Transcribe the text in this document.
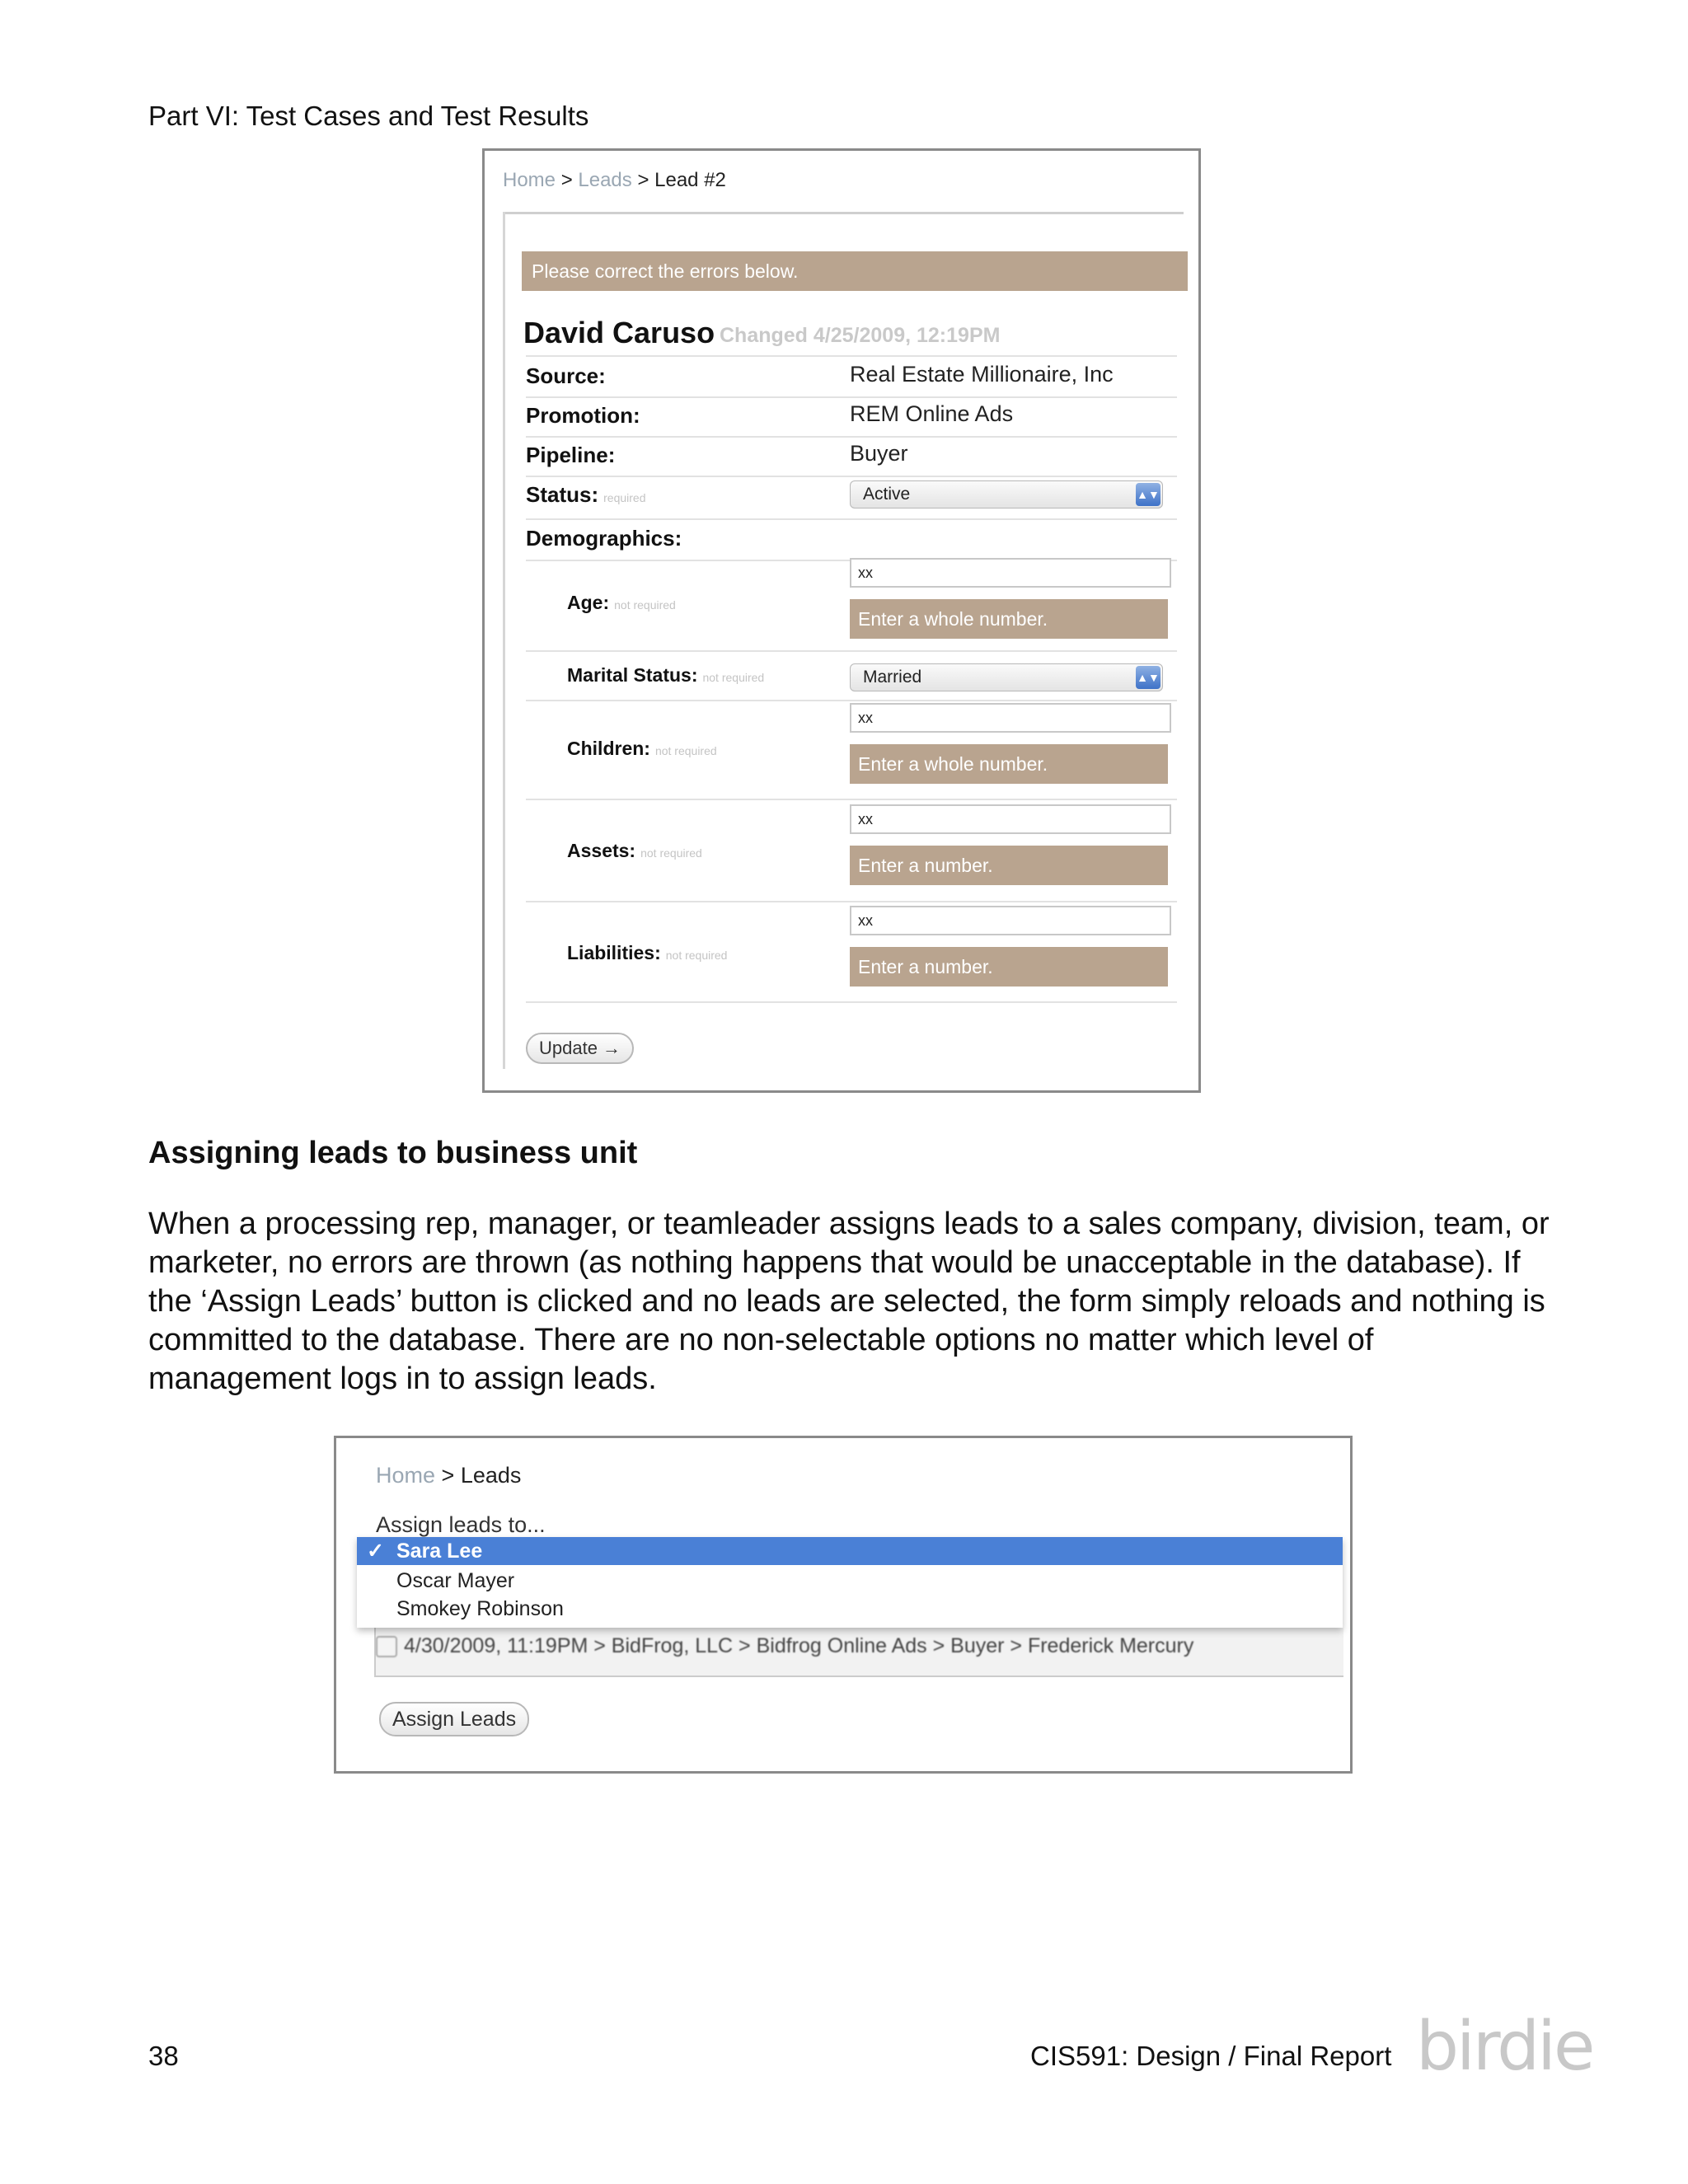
Part VI: Test Cases and Test Results
Home > Leads > Lead #2
Please correct the errors below.
David Caruso Changed 4/25/2009, 12:19PM
Source:	Real Estate Millionaire, Inc
Promotion:	REM Online Ads
Pipeline:	Buyer
Status: required	Active	▲▼
Demographics:
Age: not required
xx
Enter a whole number.
Marital Status: not required	Married	▲▼
Children: not required
xx
Enter a whole number.
Assets: not required
xx
Enter a number.
Liabilities: not required
xx
Enter a number.
Update →
Assigning leads to business unit

When a processing rep, manager, or teamleader assigns leads to a sales company, division, team, or marketer, no errors are thrown (as nothing happens that would be unacceptable in the database). If the ‘Assign Leads’ button is clicked and no leads are selected, the form simply reloads and nothing is committed to the database. There are no non-selectable options no matter which level of management logs in to assign leads.

Home > Leads
Assign leads to...
4/30/2009, 11:19PM > BidFrog, LLC > Bidfrog Online Ads > Buyer > Frederick Mercury
✓ Sara Lee
Oscar Mayer
Smokey Robinson
Assign Leads
38	CIS591: Design / Final Report birdie
